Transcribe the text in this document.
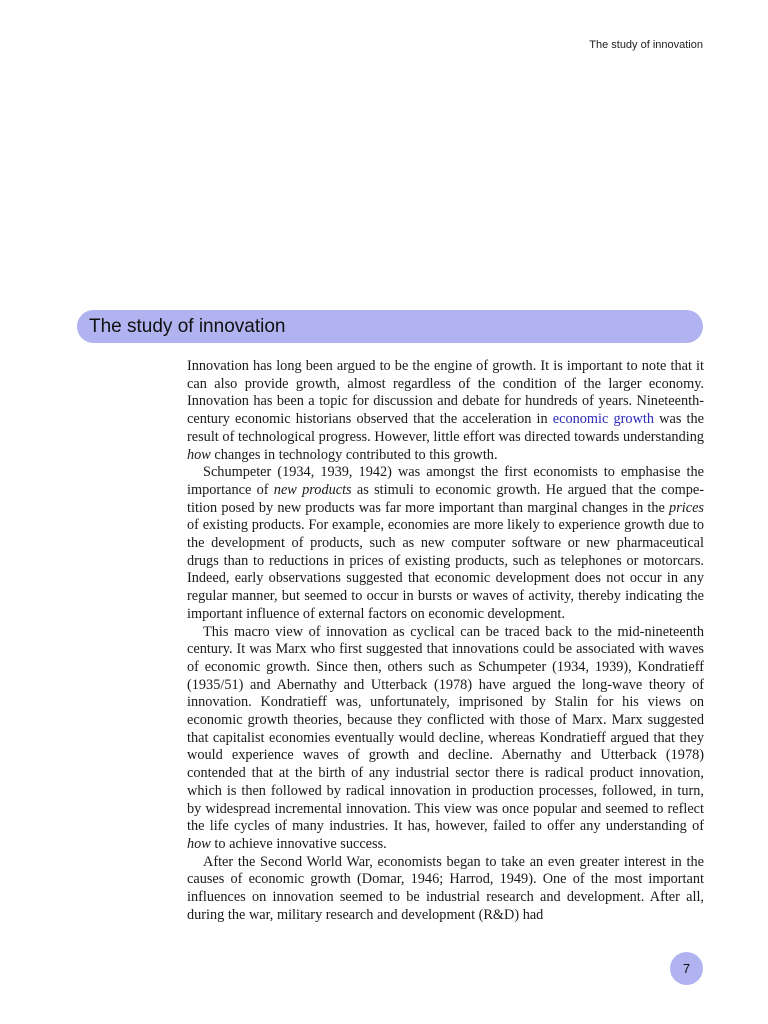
The study of innovation
The study of innovation

Innovation has long been argued to be the engine of growth. It is important to note that it can also provide growth, almost regardless of the condition of the larger economy. Innovation has been a topic for discussion and debate for hundreds of years. Nineteenth-century economic historians observed that the acceleration in economic growth was the result of technological progress. However, little effort was directed towards understanding how changes in technology contributed to this growth.

Schumpeter (1934, 1939, 1942) was amongst the first economists to emphasise the importance of new products as stimuli to economic growth. He argued that the competition posed by new products was far more important than marginal changes in the prices of existing products. For example, economies are more likely to experience growth due to the development of products, such as new computer software or new pharmaceutical drugs than to reductions in prices of existing products, such as telephones or motorcars. Indeed, early observations suggested that economic development does not occur in any regular manner, but seemed to occur in bursts or waves of activity, thereby indicating the important influence of external factors on economic development.

This macro view of innovation as cyclical can be traced back to the mid-nineteenth century. It was Marx who first suggested that innovations could be associated with waves of economic growth. Since then, others such as Schumpeter (1934, 1939), Kondratieff (1935/51) and Abernathy and Utterback (1978) have argued the long-wave theory of innovation. Kondratieff was, unfortunately, imprisoned by Stalin for his views on economic growth theories, because they conflicted with those of Marx. Marx suggested that capitalist economies eventually would decline, whereas Kondratieff argued that they would experience waves of growth and decline. Abernathy and Utterback (1978) contended that at the birth of any industrial sector there is radical product innovation, which is then followed by radical innovation in production processes, followed, in turn, by widespread incremental innovation. This view was once popular and seemed to reflect the life cycles of many industries. It has, however, failed to offer any understanding of how to achieve innovative success.

After the Second World War, economists began to take an even greater interest in the causes of economic growth (Domar, 1946; Harrod, 1949). One of the most important influences on innovation seemed to be industrial research and development. After all, during the war, military research and development (R&D) had

7
